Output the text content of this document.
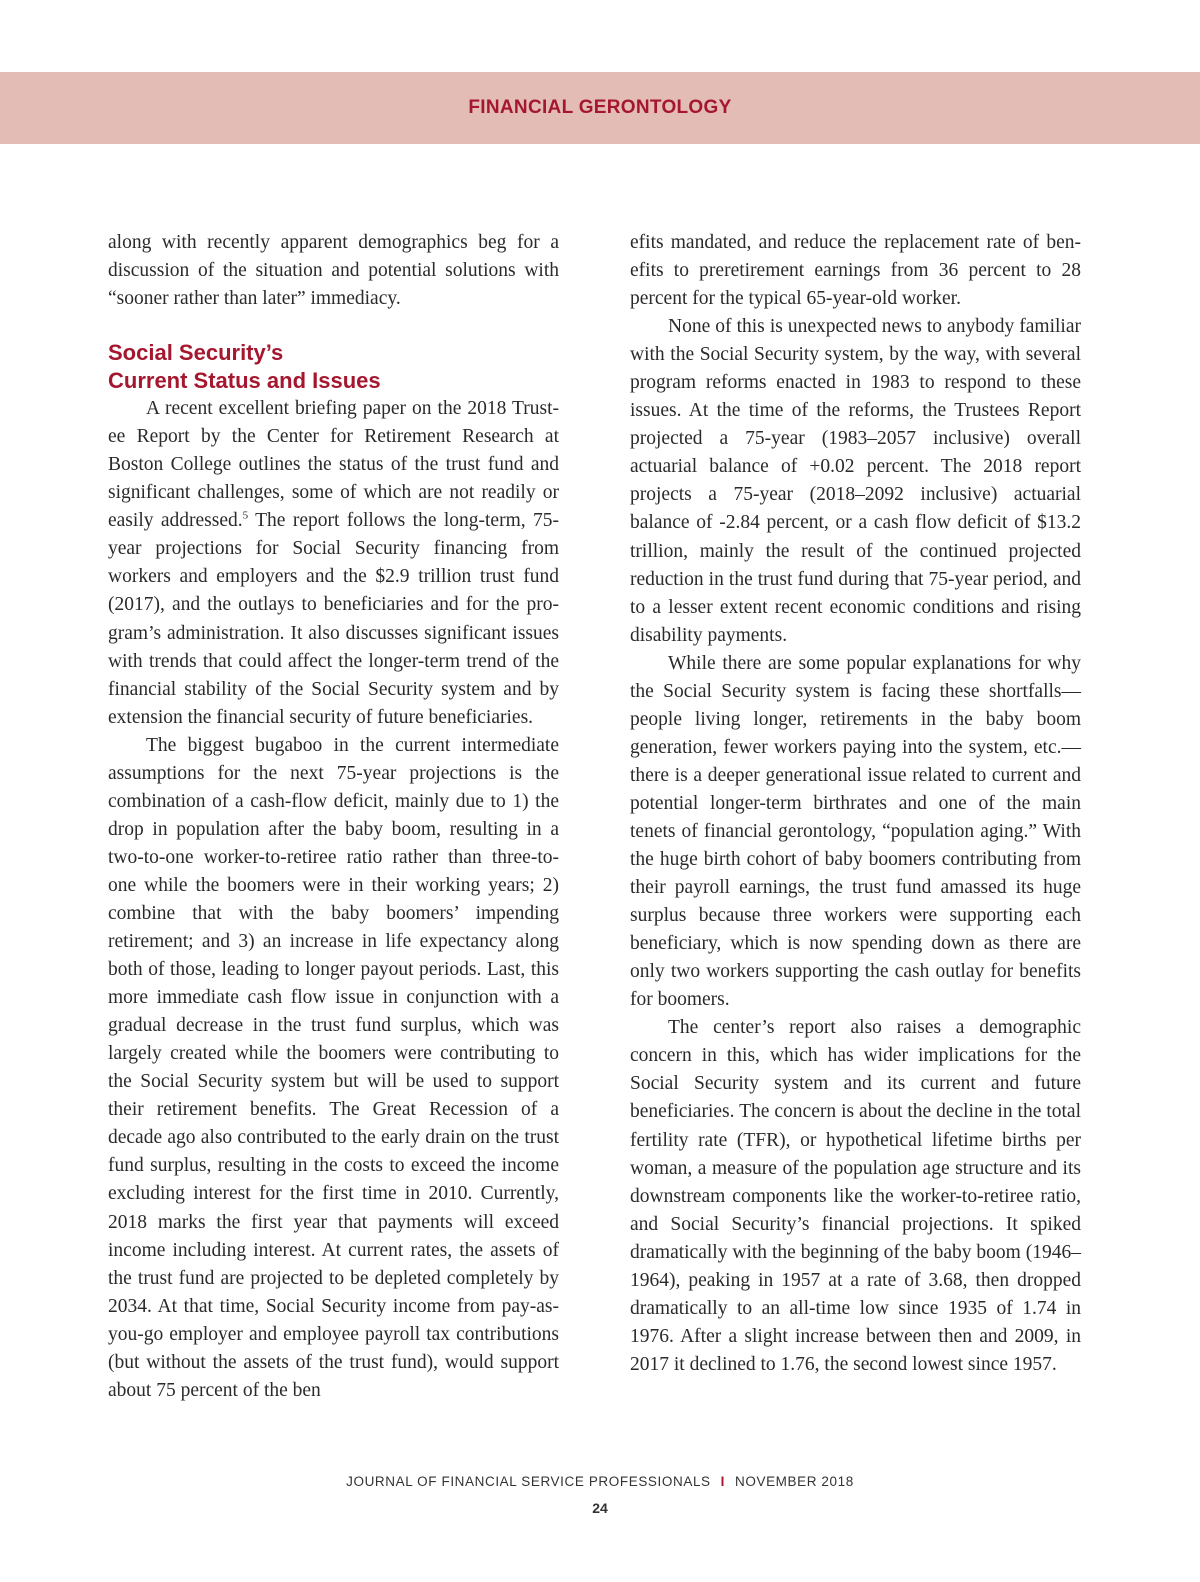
FINANCIAL GERONTOLOGY

along with recently apparent demographics beg for a discussion of the situation and potential solutions with “sooner rather than later” immediacy.

Social Security’s
Current Status and Issues

A recent excellent briefing paper on the 2018 Trustee Report by the Center for Retirement Research at Boston College outlines the status of the trust fund and significant challenges, some of which are not readily or easily addressed.$^5$ The report follows the long-term, 75-year projections for Social Security financing from workers and employers and the $2.9 trillion trust fund (2017), and the outlays to beneficiaries and for the program’s administration. It also discusses significant issues with trends that could affect the longer-term trend of the financial stability of the Social Security system and by extension the financial security of future beneficiaries.

The biggest bugaboo in the current intermediate assumptions for the next 75-year projections is the combination of a cash-flow deficit, mainly due to 1) the drop in population after the baby boom, resulting in a two-to-one worker-to-retiree ratio rather than three-to-one while the boomers were in their working years; 2) combine that with the baby boomers’ impending retirement; and 3) an increase in life expectancy along both of those, leading to longer payout periods. Last, this more immediate cash flow issue in conjunction with a gradual decrease in the trust fund surplus, which was largely created while the boomers were contributing to the Social Security system but will be used to support their retirement benefits. The Great Recession of a decade ago also contributed to the early drain on the trust fund surplus, resulting in the costs to exceed the income excluding interest for the first time in 2010. Currently, 2018 marks the first year that payments will exceed income including interest. At current rates, the assets of the trust fund are projected to be depleted completely by 2034. At that time, Social Security income from pay-as-you-go employer and employee payroll tax contributions (but without the assets of the trust fund), would support about 75 percent of the ben

efits mandated, and reduce the replacement rate of benefits to preretirement earnings from 36 percent to 28 percent for the typical 65-year-old worker.

None of this is unexpected news to anybody familiar with the Social Security system, by the way, with several program reforms enacted in 1983 to respond to these issues. At the time of the reforms, the Trustees Report projected a 75-year (1983–2057 inclusive) overall actuarial balance of +0.02 percent. The 2018 report projects a 75-year (2018–2092 inclusive) actuarial balance of -2.84 percent, or a cash flow deficit of $13.2 trillion, mainly the result of the continued projected reduction in the trust fund during that 75-year period, and to a lesser extent recent economic conditions and rising disability payments.

While there are some popular explanations for why the Social Security system is facing these shortfalls—people living longer, retirements in the baby boom generation, fewer workers paying into the system, etc.—there is a deeper generational issue related to current and potential longer-term birthrates and one of the main tenets of financial gerontology, “population aging.” With the huge birth cohort of baby boomers contributing from their payroll earnings, the trust fund amassed its huge surplus because three workers were supporting each beneficiary, which is now spending down as there are only two workers supporting the cash outlay for benefits for boomers.

The center’s report also raises a demographic concern in this, which has wider implications for the Social Security system and its current and future beneficiaries. The concern is about the decline in the total fertility rate (TFR), or hypothetical lifetime births per woman, a measure of the population age structure and its downstream components like the worker-to-retiree ratio, and Social Security’s financial projections. It spiked dramatically with the beginning of the baby boom (1946–1964), peaking in 1957 at a rate of 3.68, then dropped dramatically to an all-time low since 1935 of 1.74 in 1976. After a slight increase between then and 2009, in 2017 it declined to 1.76, the second lowest since 1957.

JOURNAL OF FINANCIAL SERVICE PROFESSIONALS I NOVEMBER 2018
24
